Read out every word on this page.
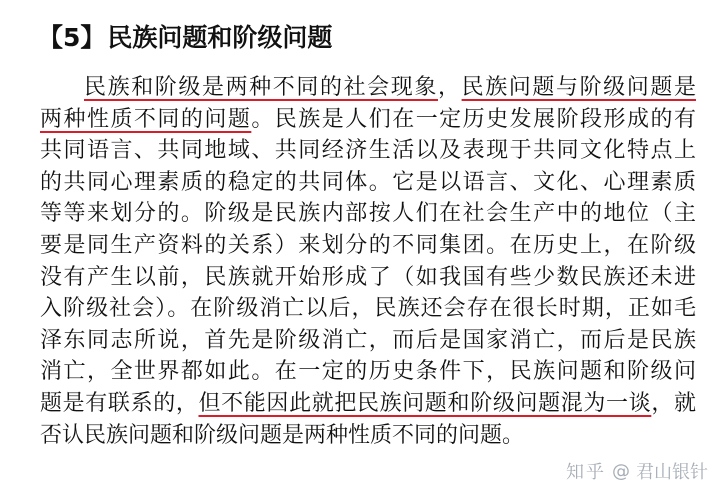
【5】民族问题和阶级问题
民族和阶级是两种不同的社会现象，民族问题与阶级问题是
两种性质不同的问题。民族是人们在一定历史发展阶段形成的有
共同语言、共同地域、共同经济生活以及表现于共同文化特点上
的共同心理素质的稳定的共同体。它是以语言、文化、心理素质
等等来划分的。阶级是民族内部按人们在社会生产中的地位（主
要是同生产资料的关系）来划分的不同集团。在历史上，在阶级
没有产生以前，民族就开始形成了（如我国有些少数民族还未进
入阶级社会）。在阶级消亡以后，民族还会存在很长时期，正如毛
泽东同志所说，首先是阶级消亡，而后是国家消亡，而后是民族
消亡，全世界都如此。在一定的历史条件下，民族问题和阶级问
题是有联系的，但不能因此就把民族问题和阶级问题混为一谈，就
否认民族问题和阶级问题是两种性质不同的问题。
知乎 @ 君山银针
